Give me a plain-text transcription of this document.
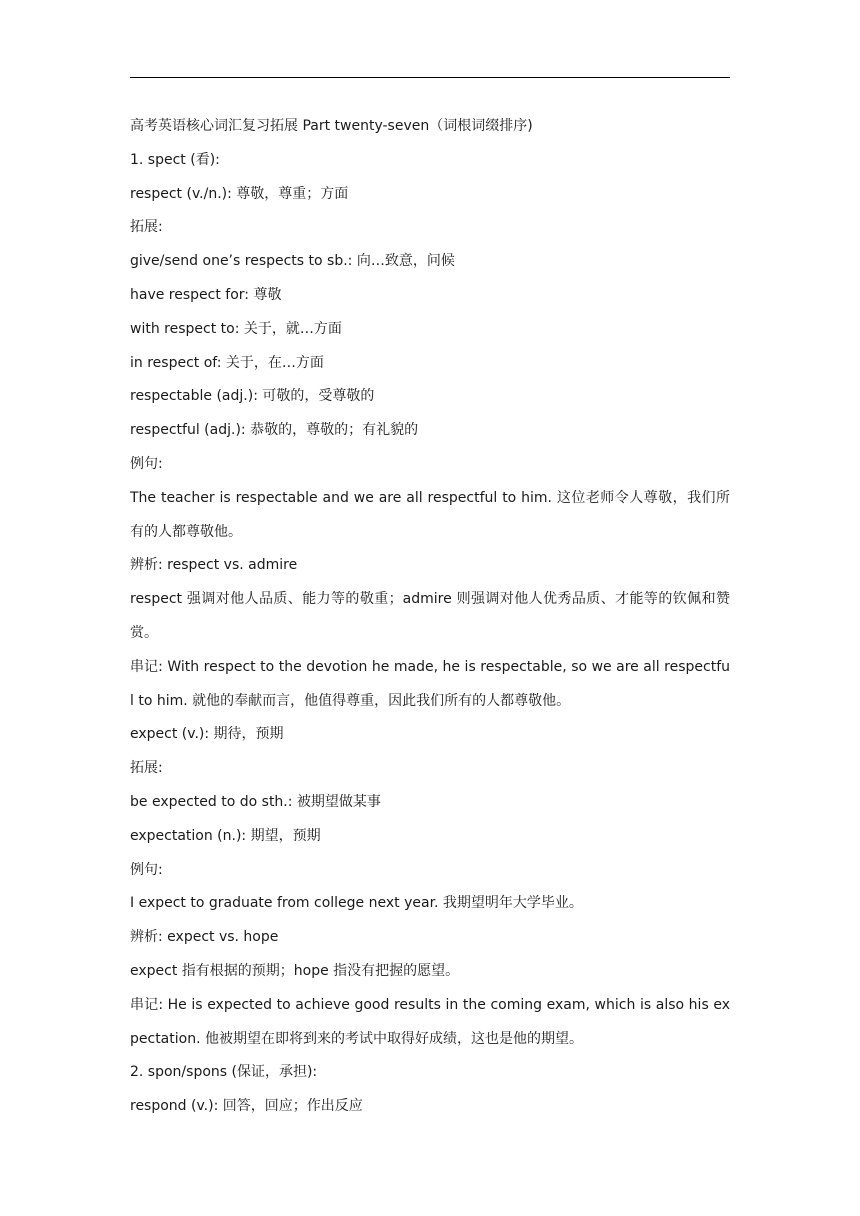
高考英语核心词汇复习拓展 Part twenty-seven（词根词缀排序)
1. spect (看):
respect (v./n.): 尊敬，尊重；方面
拓展:
give/send one’s respects to sb.: 向…致意，问候
have respect for: 尊敬
with respect to: 关于，就…方面
in respect of: 关于，在…方面
respectable (adj.): 可敬的，受尊敬的
respectful (adj.): 恭敬的，尊敬的；有礼貌的
例句:
The teacher is respectable and we are all respectful to him. 这位老师令人尊敬，我们所有的人都尊敬他。
辨析: respect vs. admire
respect 强调对他人品质、能力等的敬重；admire 则强调对他人优秀品质、才能等的钦佩和赞赏。
串记: With respect to the devotion he made, he is respectable, so we are all respectful to him. 就他的奉献而言，他值得尊重，因此我们所有的人都尊敬他。
expect (v.): 期待，预期
拓展:
be expected to do sth.: 被期望做某事
expectation (n.): 期望，预期
例句:
I expect to graduate from college next year. 我期望明年大学毕业。
辨析: expect vs. hope
expect 指有根据的预期；hope 指没有把握的愿望。
串记: He is expected to achieve good results in the coming exam, which is also his expectation. 他被期望在即将到来的考试中取得好成绩，这也是他的期望。
2. spon/spons (保证，承担):
respond (v.): 回答，回应；作出反应
